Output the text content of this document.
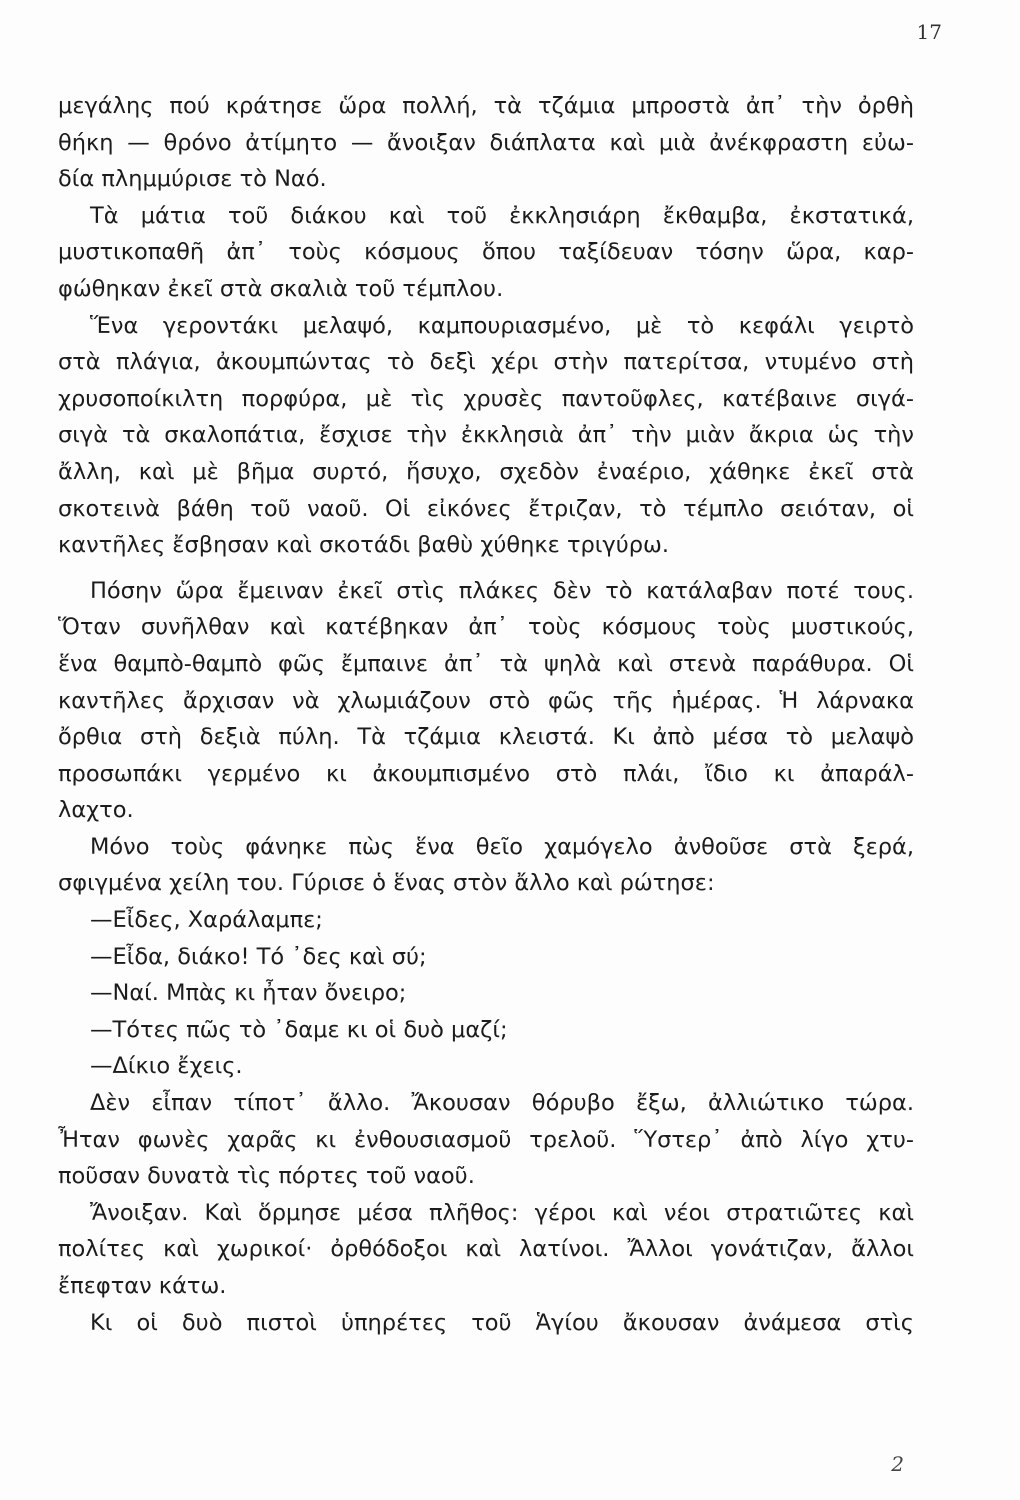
17
μεγάλης πού κράτησε ὥρα πολλή, τὰ τζάμια μπροστὰ ἀπ᾽ τὴν ὀρθὴ
θήκη — θρόνο ἀτίμητο — ἄνοιξαν διάπλατα καὶ μιὰ ἀνέκφραστη εὐω-
δία πλημμύρισε τὸ Ναό.
Τὰ μάτια τοῦ διάκου καὶ τοῦ ἐκκλησιάρη ἔκθαμβα, ἐκστατικά,
μυστικοπαθῆ ἀπ᾽ τοὺς κόσμους ὅπου ταξίδευαν τόσην ὥρα, καρ-
φώθηκαν ἐκεῖ στὰ σκαλιὰ τοῦ τέμπλου.
Ἕνα γεροντάκι μελαψό, καμπουριασμένο, μὲ τὸ κεφάλι γειρτὸ
στὰ πλάγια, ἀκουμπώντας τὸ δεξὶ χέρι στὴν πατερίτσα, ντυμένο στὴ
χρυσοποίκιλτη πορφύρα, μὲ τὶς χρυσὲς παντοῦφλες, κατέβαινε σιγά-
σιγὰ τὰ σκαλοπάτια, ἔσχισε τὴν ἐκκλησιὰ ἀπ᾽ τὴν μιὰν ἄκρια ὡς τὴν
ἄλλη, καὶ μὲ βῆμα συρτό, ἥσυχο, σχεδὸν ἐναέριο, χάθηκε ἐκεῖ στὰ
σκοτεινὰ βάθη τοῦ ναοῦ. Οἱ εἰκόνες ἔτριζαν, τὸ τέμπλο σειόταν, οἱ
καντῆλες ἔσβησαν καὶ σκοτάδι βαθὺ χύθηκε τριγύρω.
Πόσην ὥρα ἔμειναν ἐκεῖ στὶς πλάκες δὲν τὸ κατάλαβαν ποτέ τους.
Ὅταν συνῆλθαν καὶ κατέβηκαν ἀπ᾽ τοὺς κόσμους τοὺς μυστικούς,
ἕνα θαμπὸ-θαμπὸ φῶς ἔμπαινε ἀπ᾽ τὰ ψηλὰ καὶ στενὰ παράθυρα. Οἱ
καντῆλες ἄρχισαν νὰ χλωμιάζουν στὸ φῶς τῆς ἡμέρας. Ἡ λάρνακα
ὄρθια στὴ δεξιὰ πύλη. Τὰ τζάμια κλειστά. Κι ἀπὸ μέσα τὸ μελαψὸ
προσωπάκι γερμένο κι ἀκουμπισμένο στὸ πλάι, ἴδιο κι ἀπαράλ-
λαχτο.
Μόνο τοὺς φάνηκε πὼς ἕνα θεῖο χαμόγελο ἀνθοῦσε στὰ ξερά,
σφιγμένα χείλη του. Γύρισε ὁ ἕνας στὸν ἄλλο καὶ ρώτησε:
—Εἶδες, Χαράλαμπε;
—Εἶδα, διάκο! Τό ᾽δες καὶ σύ;
—Ναί. Μπὰς κι ἦταν ὄνειρο;
—Τότες πῶς τὸ ᾽δαμε κι οἱ δυὸ μαζί;
—Δίκιο ἔχεις.
Δὲν εἶπαν τίποτ᾽ ἄλλο. Ἄκουσαν θόρυβο ἔξω, ἀλλιώτικο τώρα.
Ἦταν φωνὲς χαρᾶς κι ἐνθουσιασμοῦ τρελοῦ. Ὕστερ᾽ ἀπὸ λίγο χτυ-
ποῦσαν δυνατὰ τὶς πόρτες τοῦ ναοῦ.
Ἄνοιξαν. Καὶ ὅρμησε μέσα πλῆθος: γέροι καὶ νέοι στρατιῶτες καὶ
πολίτες καὶ χωρικοί· ὀρθόδοξοι καὶ λατίνοι. Ἄλλοι γονάτιζαν, ἄλλοι
ἔπεφταν κάτω.
Κι οἱ δυὸ πιστοὶ ὑπηρέτες τοῦ Ἁγίου ἄκουσαν ἀνάμεσα στὶς
2
